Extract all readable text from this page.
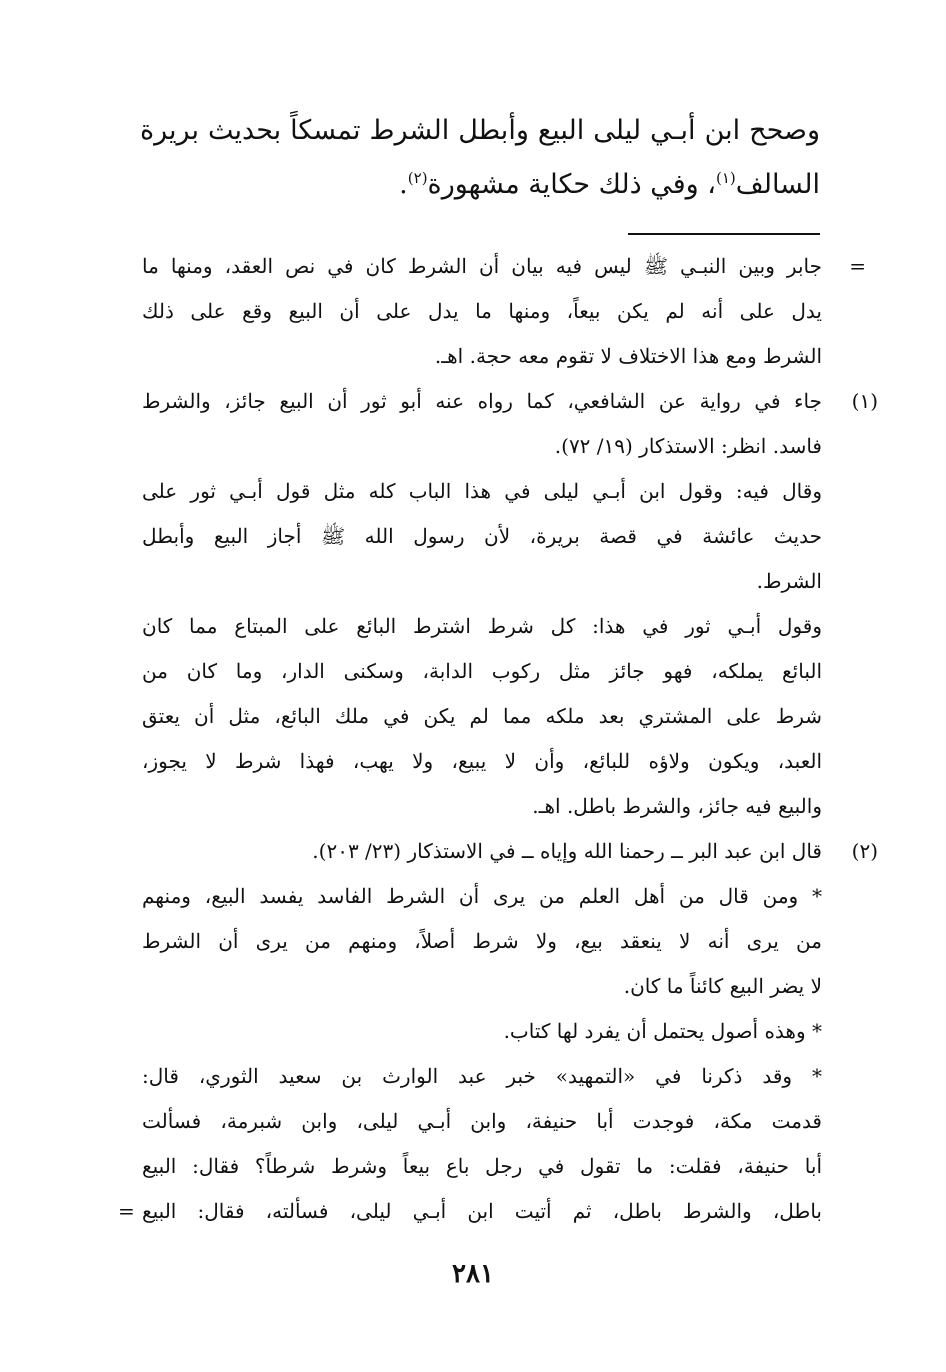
وصحح ابن أبـي ليلى البيع وأبطل الشرط تمسكاً بحديث بريرة
السالف$^{(١)}$، وفي ذلك حكاية مشهورة$^{(٢)}$.
=
جابر وبين النبـي ﷺ ليس فيه بيان أن الشرط كان في نص العقد، ومنها ما
يدل على أنه لم يكن بيعاً، ومنها ما يدل على أن البيع وقع على ذلك
الشرط ومع هذا الاختلاف لا تقوم معه حجة. اهـ.
(١)
جاء في رواية عن الشافعي، كما رواه عنه أبو ثور أن البيع جائز، والشرط
فاسد. انظر: الاستذكار (١٩/ ٧٢).
وقال فيه: وقول ابن أبـي ليلى في هذا الباب كله مثل قول أبـي ثور على
حديث عائشة في قصة بريرة، لأن رسول الله ﷺ أجاز البيع وأبطل
الشرط.
وقول أبـي ثور في هذا: كل شرط اشترط البائع على المبتاع مما كان
البائع يملكه، فهو جائز مثل ركوب الدابة، وسكنى الدار، وما كان من
شرط على المشتري بعد ملكه مما لم يكن في ملك البائع، مثل أن يعتق
العبد، ويكون ولاؤه للبائع، وأن لا يبيع، ولا يهب، فهذا شرط لا يجوز،
والبيع فيه جائز، والشرط باطل. اهـ.
(٢)
قال ابن عبد البر ــ رحمنا الله وإياه ــ في الاستذكار (٢٣/ ٢٠٣).
* ومن قال من أهل العلم من يرى أن الشرط الفاسد يفسد البيع، ومنهم
من يرى أنه لا ينعقد بيع، ولا شرط أصلاً، ومنهم من يرى أن الشرط
لا يضر البيع كائناً ما كان.
* وهذه أصول يحتمل أن يفرد لها كتاب.
* وقد ذكرنا في «التمهيد» خبر عبد الوارث بن سعيد الثوري، قال:
قدمت مكة، فوجدت أبا حنيفة، وابن أبـي ليلى، وابن شبرمة، فسألت
أبا حنيفة، فقلت: ما تقول في رجل باع بيعاً وشرط شرطاً؟ فقال: البيع
باطل، والشرط باطل، ثم أتيت ابن أبـي ليلى، فسألته، فقال: البيع
=
٢٨١
